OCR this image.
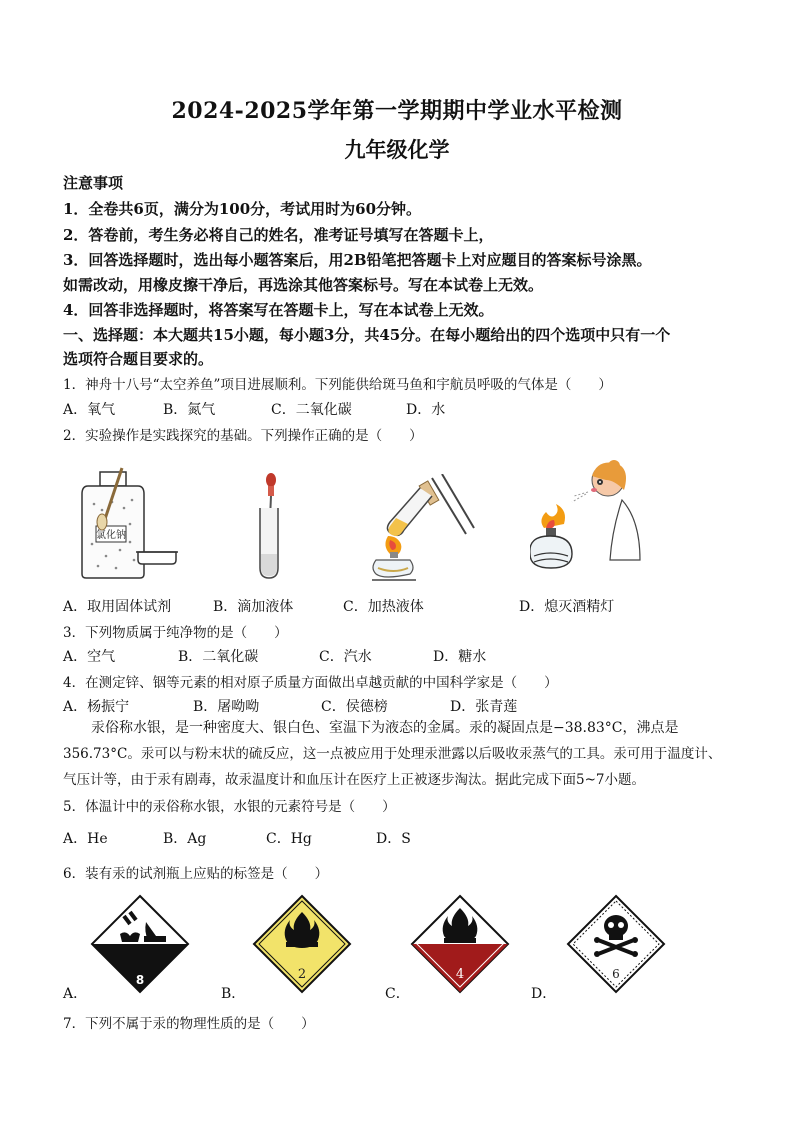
2024-2025学年第一学期期中学业水平检测
九年级化学
注意事项
1．全卷共6页，满分为100分，考试用时为60分钟。
2．答卷前，考生务必将自己的姓名，准考证号填写在答题卡上，
3．回答选择题时，选出每小题答案后，用2B铅笔把答题卡上对应题目的答案标号涂黑。
如需改动，用橡皮擦干净后，再选涂其他答案标号。写在本试卷上无效。
4．回答非选择题时，将答案写在答题卡上，写在本试卷上无效。
一、选择题：本大题共15小题，每小题3分，共45分。在每小题给出的四个选项中只有一个
选项符合题目要求的。
1．神舟十八号“太空养鱼”项目进展顺利。下列能供给斑马鱼和宇航员呼吸的气体是（　　）
A．氧气	B．氮气	C．二氧化碳	D．水
2．实验操作是实践探究的基础。下列操作正确的是（　　）
氯化钠
A．取用固体试剂	B．滴加液体	C．加热液体	D．熄灭酒精灯
3．下列物质属于纯净物的是（　　）
A．空气	B．二氧化碳	C．汽水	D．糖水
4．在测定锌、铟等元素的相对原子质量方面做出卓越贡献的中国科学家是（　　）
A．杨振宁	B．屠呦呦	C．侯德榜	D．张青莲
汞俗称水银，是一种密度大、银白色、室温下为液态的金属。汞的凝固点是−38.83°C，沸点是
356.73°C。汞可以与粉末状的硫反应，这一点被应用于处理汞泄露以后吸收汞蒸气的工具。汞可用于温度计、
气压计等，由于汞有剧毒，故汞温度计和血压计在医疗上正被逐步淘汰。据此完成下面5~7小题。
5．体温计中的汞俗称水银，水银的元素符号是（　　）
A．He	B．Ag	C．Hg	D．S
6．装有汞的试剂瓶上应贴的标签是（　　）
8	2	4	6
A．	B．	C．	D．
7．下列不属于汞的物理性质的是（　　）
